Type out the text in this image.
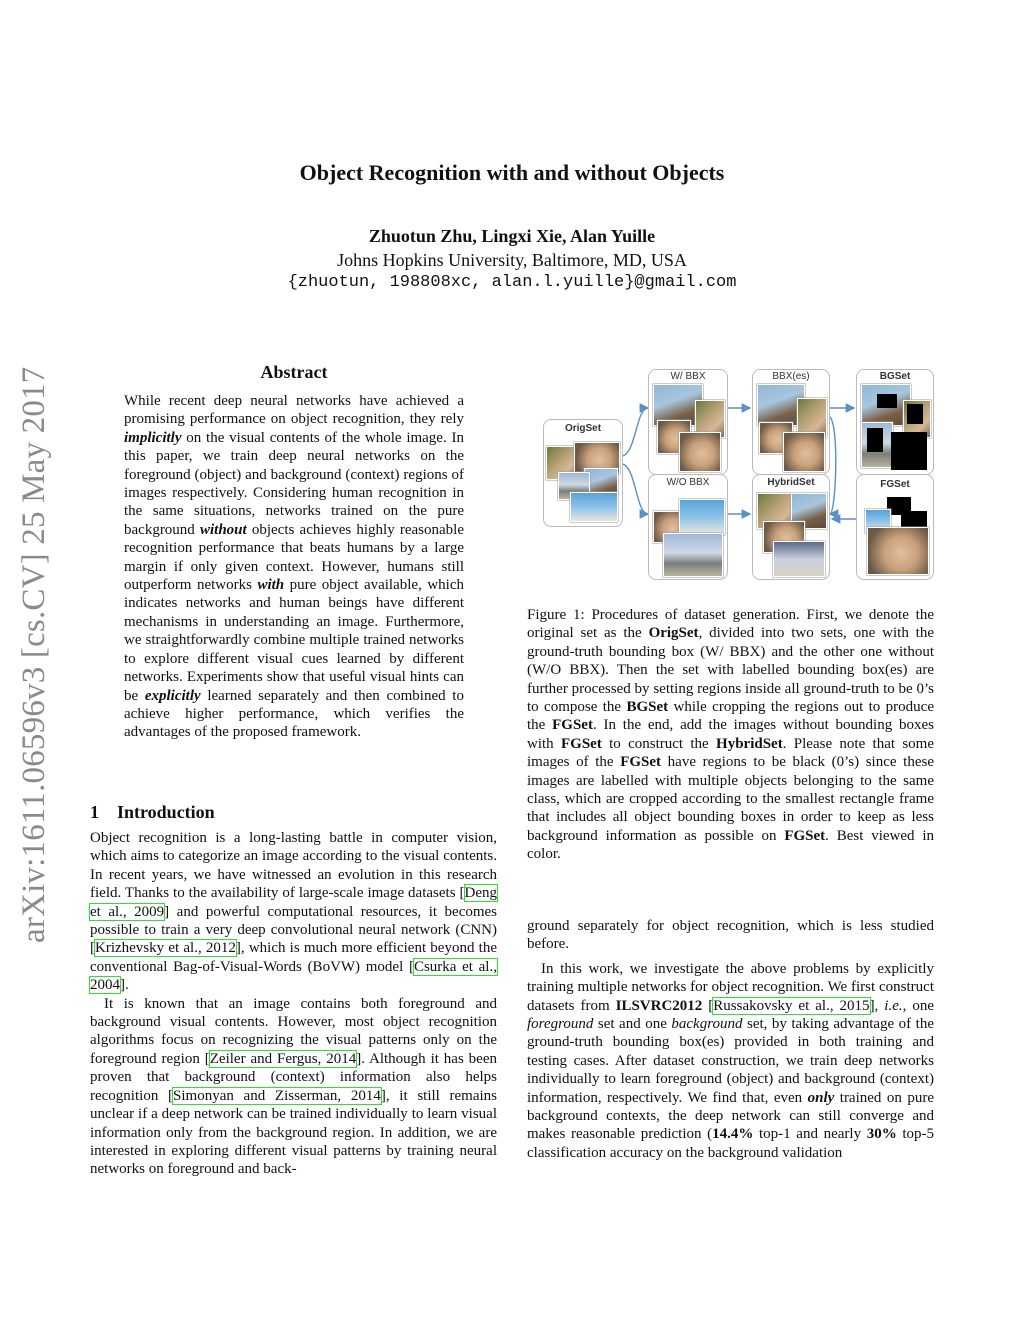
arXiv:1611.06596v3 [cs.CV] 25 May 2017
Object Recognition with and without Objects
Zhuotun Zhu, Lingxi Xie, Alan Yuille
Johns Hopkins University, Baltimore, MD, USA
{zhuotun, 198808xc, alan.l.yuille}@gmail.com
Abstract
While recent deep neural networks have achieved a promising performance on object recognition, they rely implicitly on the visual contents of the whole image. In this paper, we train deep neural networks on the foreground (object) and background (context) regions of images respectively. Considering human recognition in the same situations, networks trained on the pure background without objects achieves highly reasonable recognition performance that beats humans by a large margin if only given context. However, humans still outperform networks with pure object available, which indicates networks and human beings have different mechanisms in understanding an image. Furthermore, we straightforwardly combine multiple trained networks to explore different visual cues learned by different networks. Experiments show that useful visual hints can be explicitly learned separately and then combined to achieve higher performance, which verifies the advantages of the proposed framework.
1 Introduction

Object recognition is a long-lasting battle in computer vision, which aims to categorize an image according to the visual contents. In recent years, we have witnessed an evolution in this research field. Thanks to the availability of large-scale image datasets [Deng et al., 2009] and powerful computational resources, it becomes possible to train a very deep convolutional neural network (CNN) [Krizhevsky et al., 2012], which is much more efficient beyond the conventional Bag-of-Visual-Words (BoVW) model [Csurka et al., 2004].

It is known that an image contains both foreground and background visual contents. However, most object recognition algorithms focus on recognizing the visual patterns only on the foreground region [Zeiler and Fergus, 2014]. Although it has been proven that background (context) information also helps recognition [Simonyan and Zisserman, 2014], it still remains unclear if a deep network can be trained individually to learn visual information only from the background region. In addition, we are interested in exploring different visual patterns by training neural networks on foreground and back-

OrigSet
W/ BBX
W/O BBX
BBX(es)
HybridSet
BGSet
FGSet

Figure 1: Procedures of dataset generation. First, we denote the original set as the OrigSet, divided into two sets, one with the ground-truth bounding box (W/ BBX) and the other one without (W/O BBX). Then the set with labelled bounding box(es) are further processed by setting regions inside all ground-truth to be 0’s to compose the BGSet while cropping the regions out to produce the FGSet. In the end, add the images without bounding boxes with FGSet to construct the HybridSet. Please note that some images of the FGSet have regions to be black (0’s) since these images are labelled with multiple objects belonging to the same class, which are cropped according to the smallest rectangle frame that includes all object bounding boxes in order to keep as less background information as possible on FGSet. Best viewed in color.

ground separately for object recognition, which is less studied before.

In this work, we investigate the above problems by explicitly training multiple networks for object recognition. We first construct datasets from ILSVRC2012 [Russakovsky et al., 2015], i.e., one foreground set and one background set, by taking advantage of the ground-truth bounding box(es) provided in both training and testing cases. After dataset construction, we train deep networks individually to learn foreground (object) and background (context) information, respectively. We find that, even only trained on pure background contexts, the deep network can still converge and makes reasonable prediction (14.4% top-1 and nearly 30% top-5 classification accuracy on the background validation
